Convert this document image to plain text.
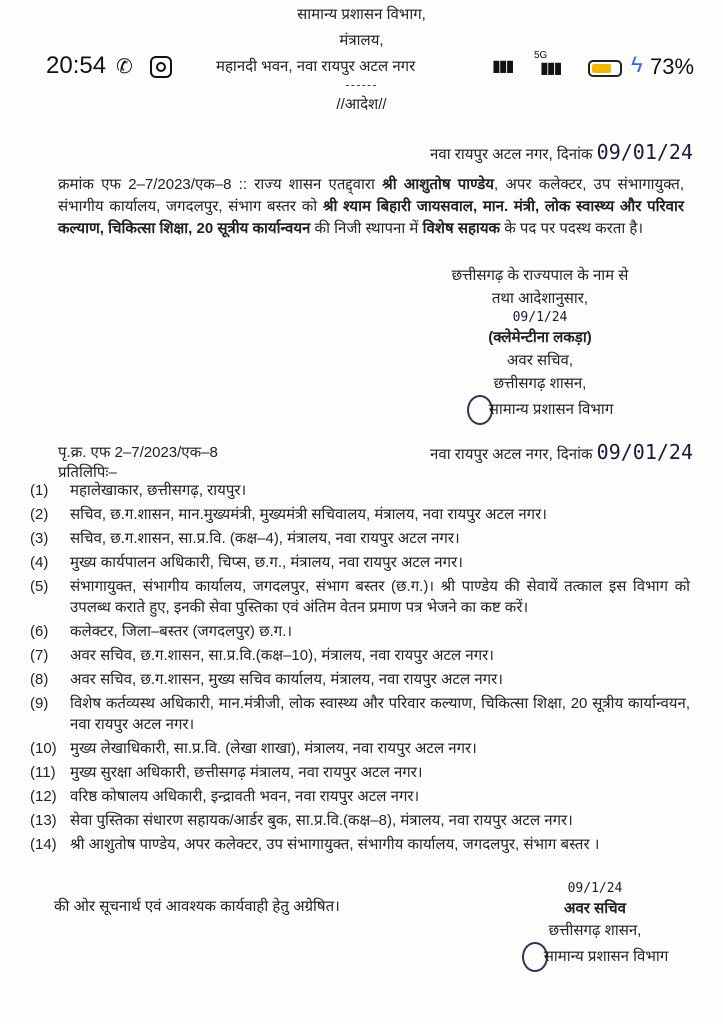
सामान्य प्रशासन विभाग,
मंत्रालय,
20:54 ✆	महानदी भवन, नवा रायपुर अटल नगर	▮▮▮
5G
▮▮▮	ϟ 73%
//आदेश//
नवा रायपुर अटल नगर, दिनांक 09/01/24
क्रमांक एफ 2–7/2023/एक–8 :: राज्य शासन एतद्द्वारा श्री आशुतोष पाण्डेय, अपर कलेक्टर, उप संभागायुक्त, संभागीय कार्यालय, जगदलपुर, संभाग बस्तर को श्री श्याम बिहारी जायसवाल, मान. मंत्री, लोक स्वास्थ्य और परिवार कल्याण, चिकित्सा शिक्षा, 20 सूत्रीय कार्यान्वयन की निजी स्थापना में विशेष सहायक के पद पर पदस्थ करता है।
छत्तीसगढ़ के राज्यपाल के नाम से
तथा आदेशानुसार,
09/1/24
(क्लेमेन्टीना लकड़ा)
अवर सचिव,
छत्तीसगढ़ शासन,
सामान्य प्रशासन विभाग
पृ.क्र. एफ 2–7/2023/एक–8	नवा रायपुर अटल नगर, दिनांक 09/01/24
प्रतिलिपिः–
(1)	महालेखाकार, छत्तीसगढ़, रायपुर।
(2)	सचिव, छ.ग.शासन, मान.मुख्यमंत्री, मुख्यमंत्री सचिवालय, मंत्रालय, नवा रायपुर अटल नगर।
(3)	सचिव, छ.ग.शासन, सा.प्र.वि. (कक्ष–4), मंत्रालय, नवा रायपुर अटल नगर।
(4)	मुख्य कार्यपालन अधिकारी, चिप्स, छ.ग., मंत्रालय, नवा रायपुर अटल नगर।
(5)	संभागायुक्त, संभागीय कार्यालय, जगदलपुर, संभाग बस्तर (छ.ग.)। श्री पाण्डेय की सेवायें तत्काल इस विभाग को उपलब्ध कराते हुए, इनकी सेवा पुस्तिका एवं अंतिम वेतन प्रमाण पत्र भेजने का कष्ट करें।
(6)	कलेक्टर, जिला–बस्तर (जगदलपुर) छ.ग.।
(7)	अवर सचिव, छ.ग.शासन, सा.प्र.वि.(कक्ष–10), मंत्रालय, नवा रायपुर अटल नगर।
(8)	अवर सचिव, छ.ग.शासन, मुख्य सचिव कार्यालय, मंत्रालय, नवा रायपुर अटल नगर।
(9)	विशेष कर्तव्यस्थ अधिकारी, मान.मंत्रीजी, लोक स्वास्थ्य और परिवार कल्याण, चिकित्सा शिक्षा, 20 सूत्रीय कार्यान्वयन, नवा रायपुर अटल नगर।
(10) मुख्य लेखाधिकारी, सा.प्र.वि. (लेखा शाखा), मंत्रालय, नवा रायपुर अटल नगर।
(11) मुख्य सुरक्षा अधिकारी, छत्तीसगढ़ मंत्रालय, नवा रायपुर अटल नगर।
(12) वरिष्ठ कोषालय अधिकारी, इन्द्रावती भवन, नवा रायपुर अटल नगर।
(13) सेवा पुस्तिका संधारण सहायक/आर्डर बुक, सा.प्र.वि.(कक्ष–8), मंत्रालय, नवा रायपुर अटल नगर।
(14) श्री आशुतोष पाण्डेय, अपर कलेक्टर, उप संभागायुक्त, संभागीय कार्यालय, जगदलपुर, संभाग बस्तर ।
की ओर सूचनार्थ एवं आवश्यक कार्यवाही हेतु अग्रेषित।
09/1/24
अवर सचिव
छत्तीसगढ़ शासन,
सामान्य प्रशासन विभाग
